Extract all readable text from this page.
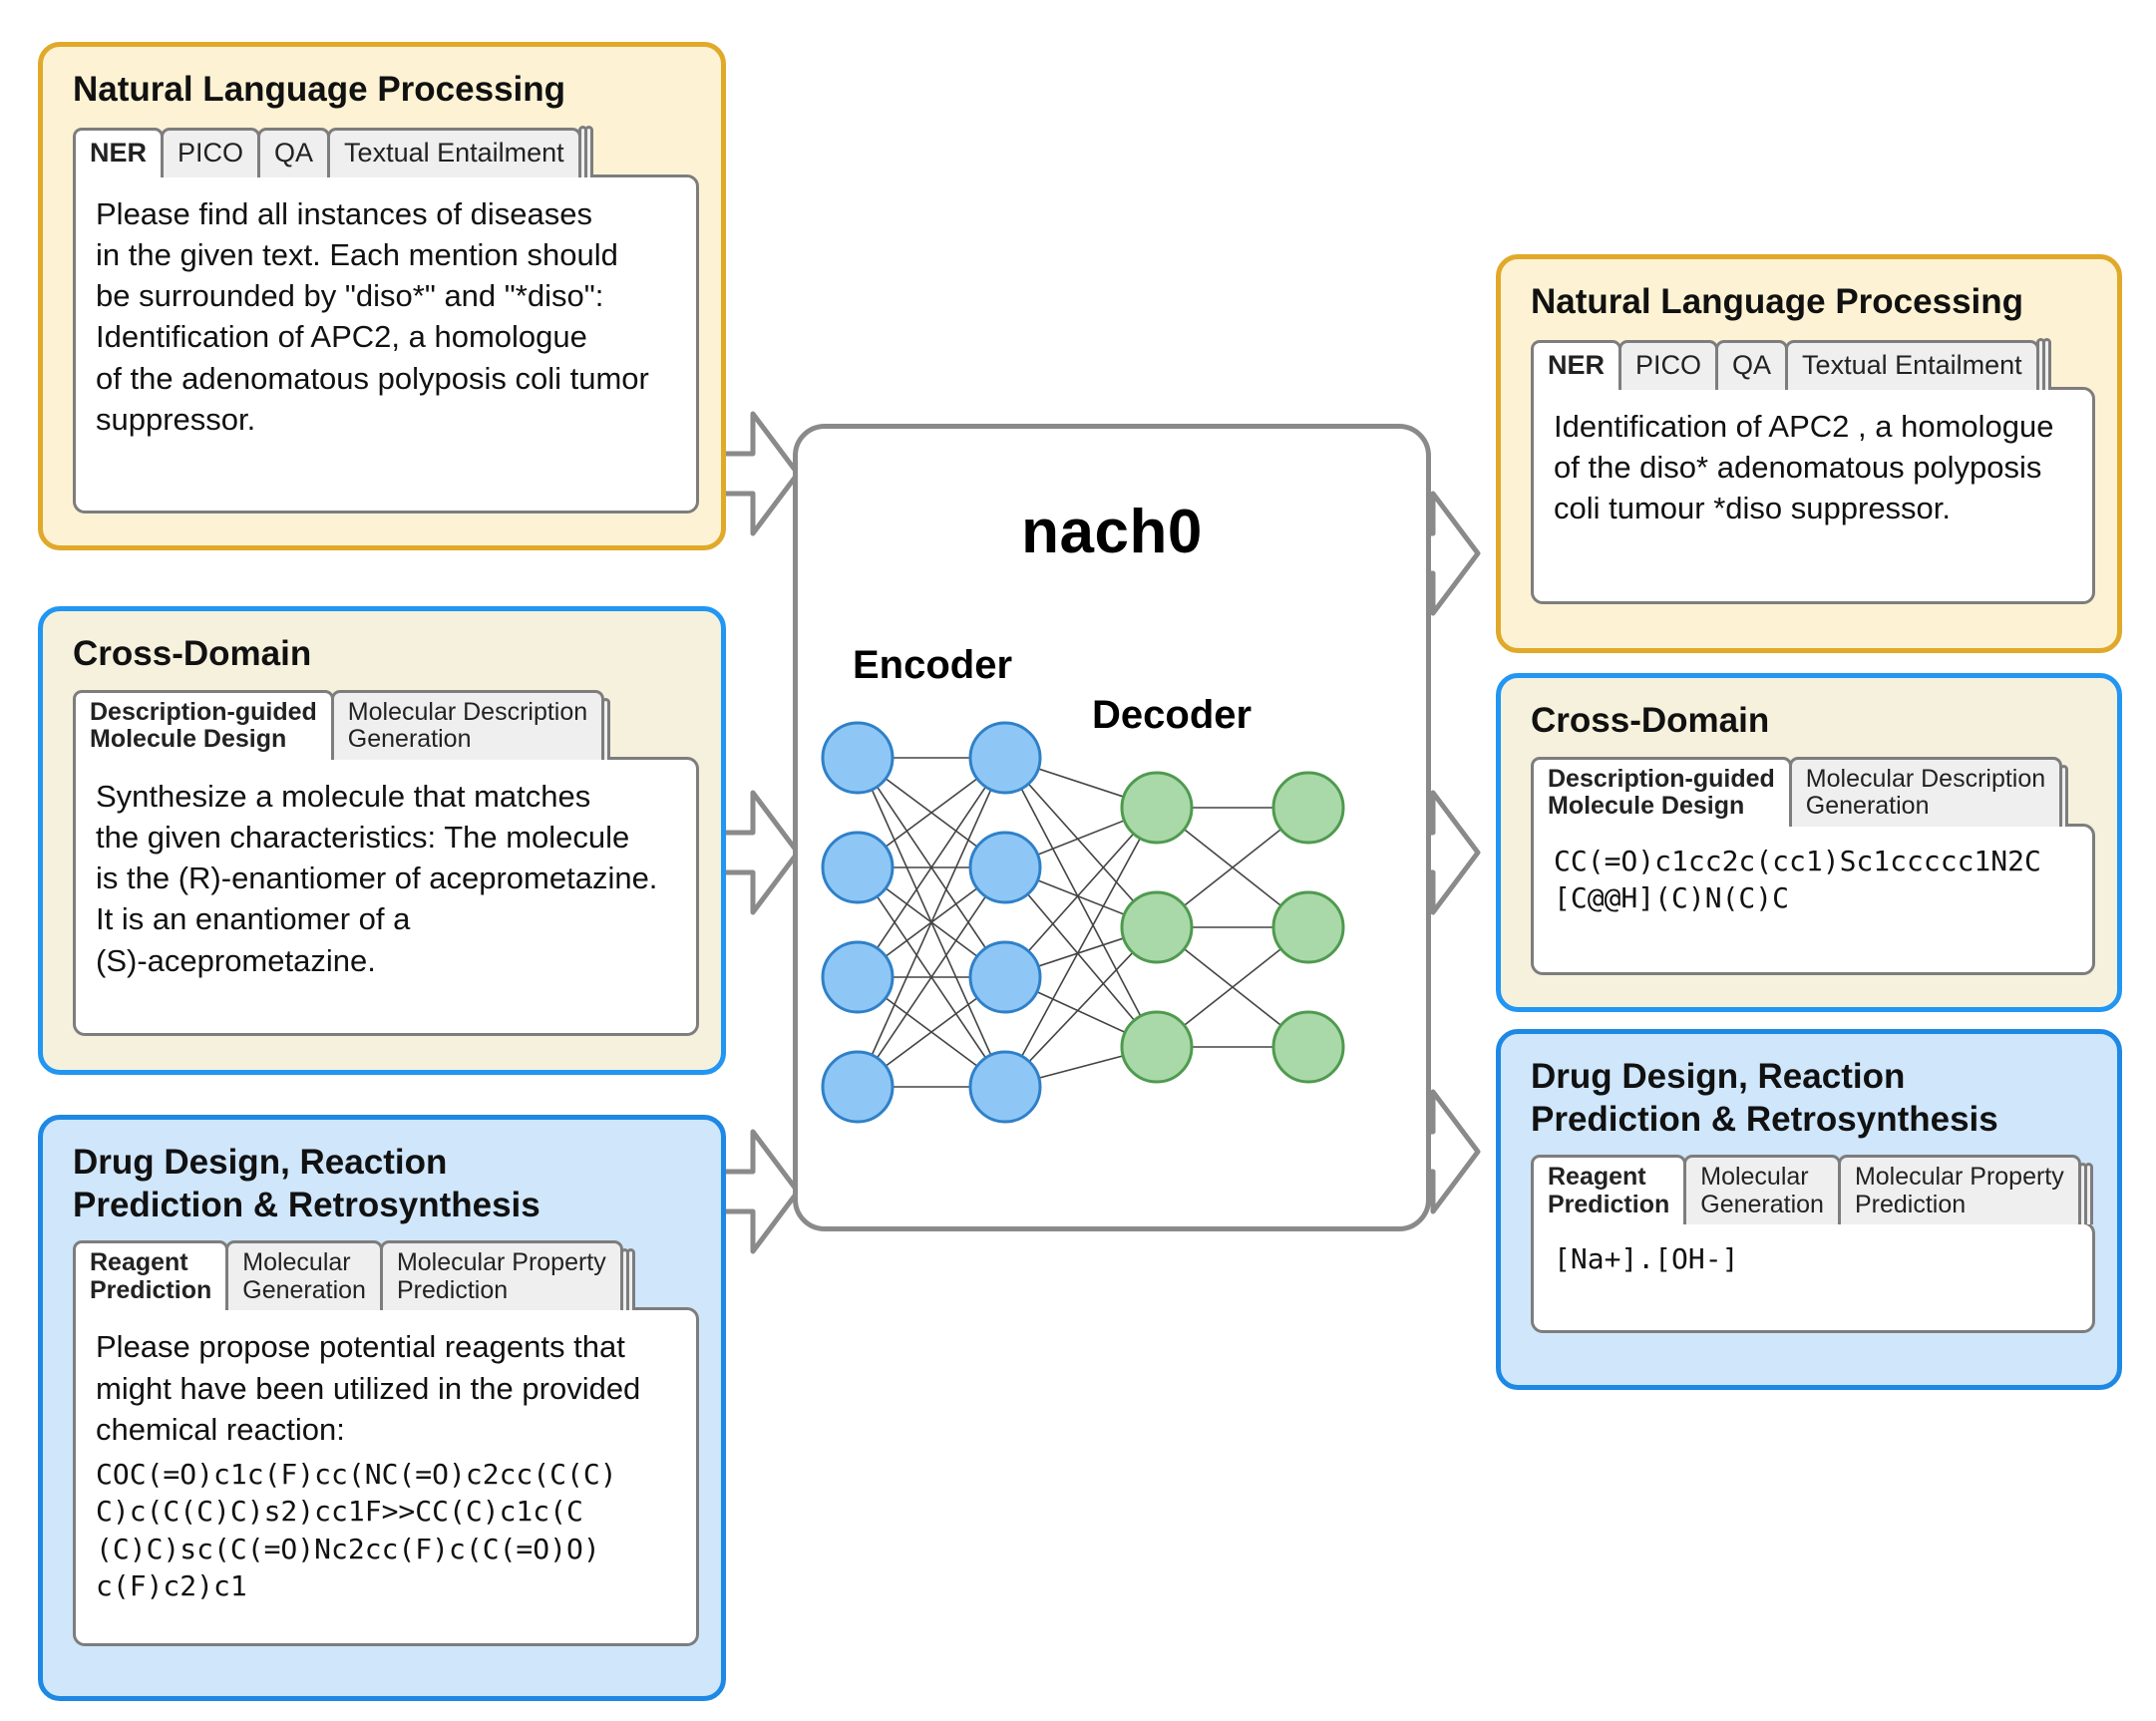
Natural Language Processing
NER	PICO	QA	Textual Entailment
Please find all instances of diseases
in the given text. Each mention should
be surrounded by "diso*" and "*diso":
Identification of APC2, a homologue
of the adenomatous polyposis coli tumor
suppressor.
Cross-Domain
Description-guided
Molecule Design
Molecular Description
Generation
Synthesize a molecule that matches
the given characteristics: The molecule
is the (R)-enantiomer of aceprometazine.
It is an enantiomer of a
(S)-aceprometazine.
Drug Design, Reaction
Prediction & Retrosynthesis
Reagent
Prediction
Molecular
Generation
Molecular Property
Prediction
Please propose potential reagents that
might have been utilized in the provided
chemical reaction:
COC(=O)c1c(F)cc(NC(=O)c2cc(C(C)
C)c(C(C)C)s2)cc1F>>CC(C)c1c(C
(C)C)sc(C(=O)Nc2cc(F)c(C(=O)O)
c(F)c2)c1
nach0
Encoder
Decoder
Natural Language Processing
NER	PICO	QA	Textual Entailment
Identification of APC2 , a homologue
of the diso* adenomatous polyposis
coli tumour *diso suppressor.
Cross-Domain
Description-guided
Molecule Design
Molecular Description
Generation
CC(=O)c1cc2c(cc1)Sc1ccccc1N2C
[C@@H](C)N(C)C
Drug Design, Reaction
Prediction & Retrosynthesis
Reagent
Prediction
Molecular
Generation
Molecular Property
Prediction
[Na+].[OH-]
